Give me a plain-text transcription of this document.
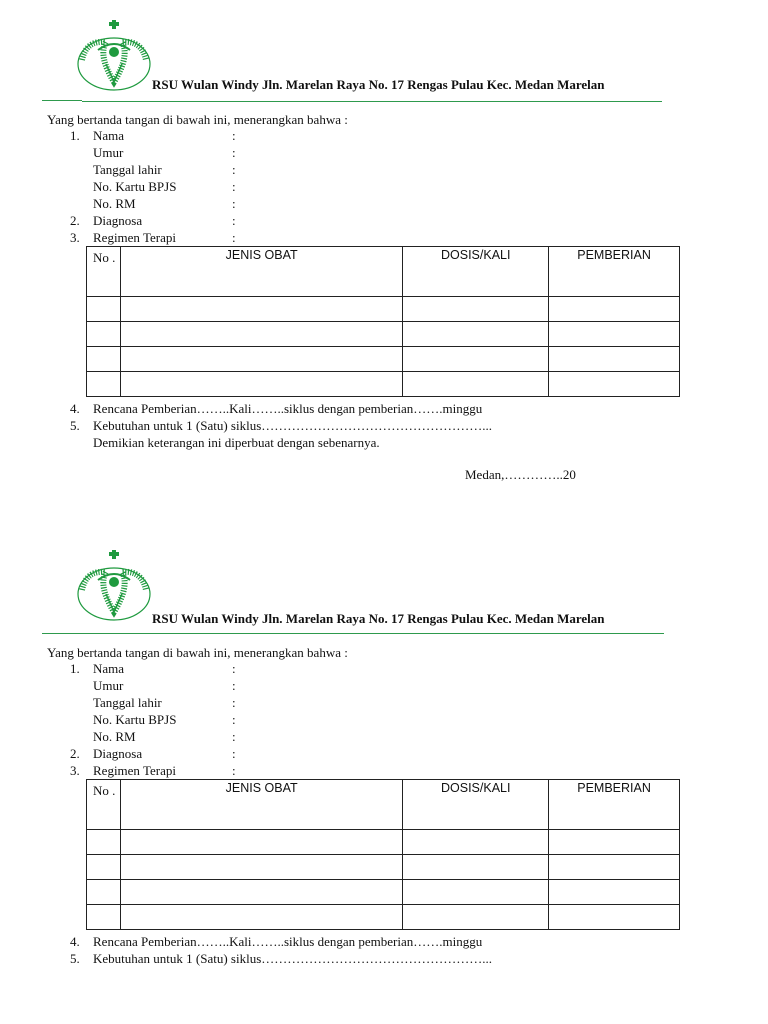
RSU Wulan Windy Jln. Marelan Raya No. 17 Rengas Pulau Kec. Medan Marelan
Yang bertanda tangan di bawah ini, menerangkan bahwa :
1. Nama	:
Umur	:
Tanggal lahir	:
No. Kartu BPJS	:
No. RM	:
2. Diagnosa	:
3. Regimen Terapi	:
No .	JENIS OBAT	DOSIS/KALI	PEMBERIAN

4. Rencana Pemberian……..Kali……..siklus dengan pemberian…….minggu
5. Kebutuhan untuk 1 (Satu) siklus……………………………………………...
Demikian keterangan ini diperbuat dengan sebenarnya.
Medan,…………..20
RSU Wulan Windy Jln. Marelan Raya No. 17 Rengas Pulau Kec. Medan Marelan
Yang bertanda tangan di bawah ini, menerangkan bahwa :
1. Nama	:
Umur	:
Tanggal lahir	:
No. Kartu BPJS	:
No. RM	:
2. Diagnosa	:
3. Regimen Terapi	:
No .	JENIS OBAT	DOSIS/KALI	PEMBERIAN

4. Rencana Pemberian……..Kali……..siklus dengan pemberian…….minggu
5. Kebutuhan untuk 1 (Satu) siklus……………………………………………...
